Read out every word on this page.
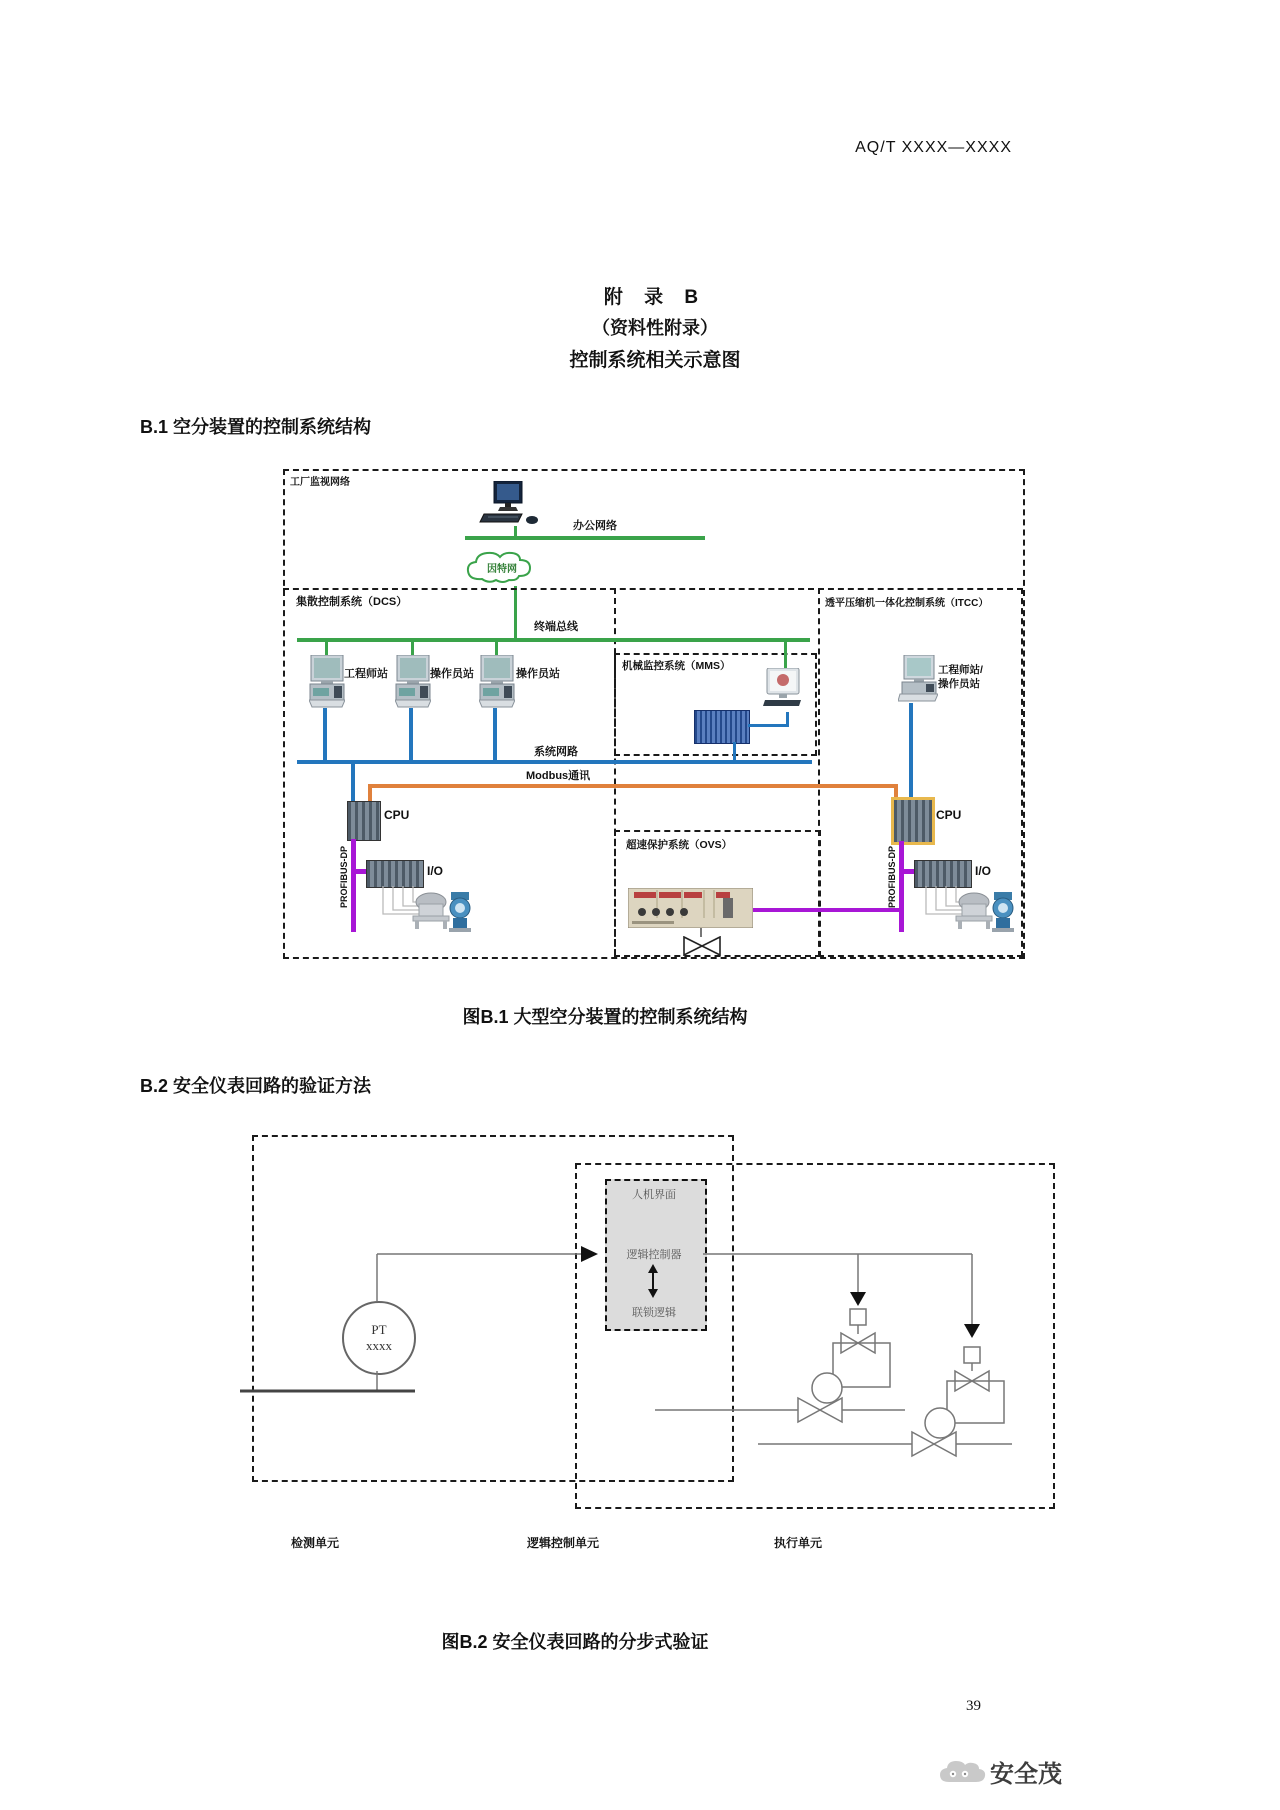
AQ/T XXXX—XXXX
附 录 B
（资料性附录）
控制系统相关示意图
B.1 空分装置的控制系统结构
工厂监视网络
办公网络
因特网
集散控制系统（DCS）	透平压缩机一体化控制系统（ITCC）
终端总线
工程师站	操作员站	操作员站
机械监控系统（MMS）
系统网路
Modbus通讯
CPU
PROFIBUS-DP	I/O
超速保护系统（OVS）
工程师站/
操作员站
CPU
PROFIBUS-DP	I/O
图B.1 大型空分装置的控制系统结构
B.2 安全仪表回路的验证方法
人机界面
逻辑控制器
联锁逻辑
PT
xxxx
检测单元	逻辑控制单元	执行单元
图B.2 安全仪表回路的分步式验证
39
安全茂
